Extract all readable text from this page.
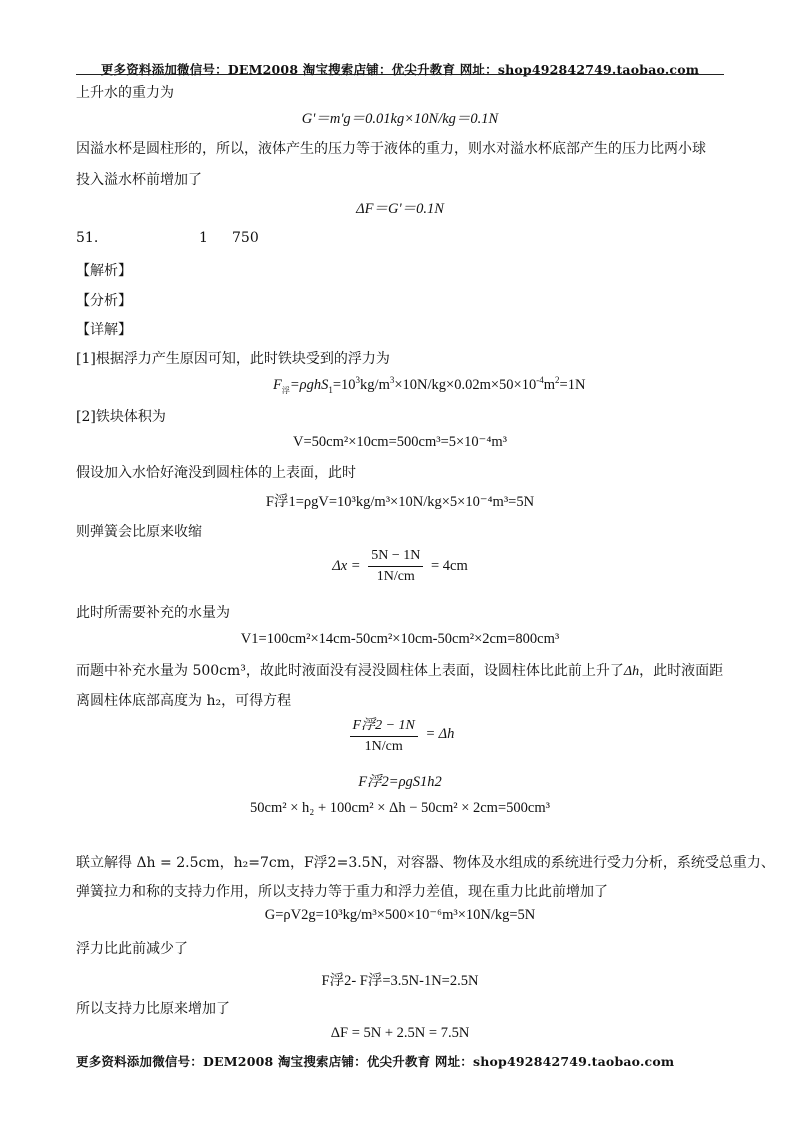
更多资料添加微信号：DEM2008 淘宝搜索店铺：优尖升教育 网址：shop492842749.taobao.com
上升水的重力为
G'＝m'g＝0.01kg×10N/kg＝0.1N
因溢水杯是圆柱形的，所以，液体产生的压力等于液体的重力，则水对溢水杯底部产生的压力比两小球
投入溢水杯前增加了
ΔF＝G'＝0.1N
51.	1 750
【解析】
【分析】
【详解】
[1]根据浮力产生原因可知，此时铁块受到的浮力为
$F_浮=\rho ghS_1=10^3kg/m^3\times 10N/kg\times 0.02m\times 50\times 10^{-4}m^2=1N$
[2]铁块体积为
V=50cm²×10cm=500cm³=5×10⁻⁴m³
假设加入水恰好淹没到圆柱体的上表面，此时
F浮1=ρgV=10³kg/m³×10N/kg×5×10⁻⁴m³=5N
则弹簧会比原来收缩
$\Delta x = \frac{5N - 1N}{1N/cm} = 4cm$
此时所需要补充的水量为
V1=100cm²×14cm-50cm²×10cm-50cm²×2cm=800cm³
而题中补充水量为 500cm³，故此时液面没有浸没圆柱体上表面，设圆柱体比此前上升了Δh，此时液面距
离圆柱体底部高度为 h₂，可得方程
$\frac{\text{F浮2 − 1N}}{1N/cm} = \Delta h$
F浮2=ρgS1h2
50cm² × h₂ + 100cm² × Δh − 50cm² × 2cm=500cm³
联立解得 Δh = 2.5cm，h₂=7cm，F浮2=3.5N，对容器、物体及水组成的系统进行受力分析，系统受总重力、
弹簧拉力和称的支持力作用，所以支持力等于重力和浮力差值，现在重力比此前增加了
G=ρV2g=10³kg/m³×500×10⁻⁶m³×10N/kg=5N
浮力比此前减少了
F浮2- F浮=3.5N-1N=2.5N
所以支持力比原来增加了
ΔF = 5N + 2.5N = 7.5N
更多资料添加微信号：DEM2008 淘宝搜索店铺：优尖升教育 网址：shop492842749.taobao.com
